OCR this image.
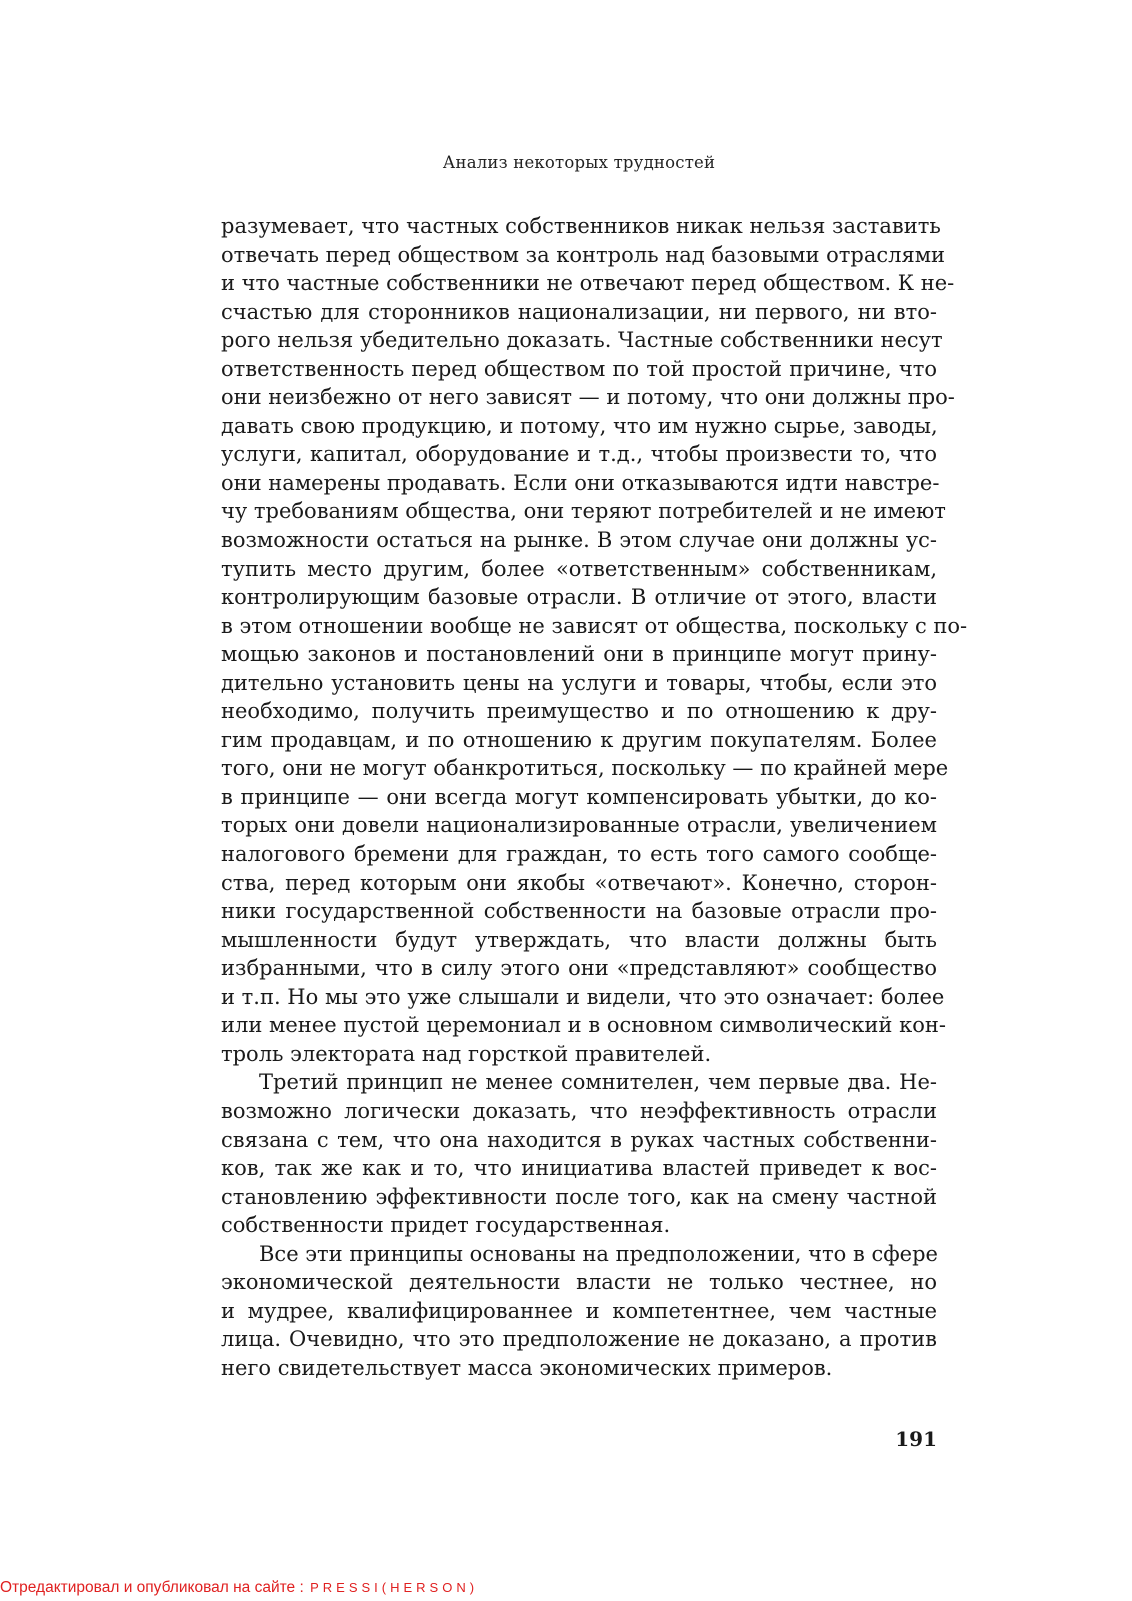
Анализ некоторых трудностей
разумевает, что частных собственников никак нельзя заставить
отвечать перед обществом за контроль над базовыми отраслями
и что частные собственники не отвечают перед обществом. К не-
счастью для сторонников национализации, ни первого, ни вто-
рого нельзя убедительно доказать. Частные собственники несут
ответственность перед обществом по той простой причине, что
они неизбежно от него зависят — и потому, что они должны про-
давать свою продукцию, и потому, что им нужно сырье, заводы,
услуги, капитал, оборудование и т.д., чтобы произвести то, что
они намерены продавать. Если они отказываются идти навстре-
чу требованиям общества, они теряют потребителей и не имеют
возможности остаться на рынке. В этом случае они должны ус-
тупить место другим, более «ответственным» собственникам,
контролирующим базовые отрасли. В отличие от этого, власти
в этом отношении вообще не зависят от общества, поскольку с по-
мощью законов и постановлений они в принципе могут прину-
дительно установить цены на услуги и товары, чтобы, если это
необходимо, получить преимущество и по отношению к дру-
гим продавцам, и по отношению к другим покупателям. Более
того, они не могут обанкротиться, поскольку — по крайней мере
в принципе — они всегда могут компенсировать убытки, до ко-
торых они довели национализированные отрасли, увеличением
налогового бремени для граждан, то есть того самого сообще-
ства, перед которым они якобы «отвечают». Конечно, сторон-
ники государственной собственности на базовые отрасли про-
мышленности будут утверждать, что власти должны быть
избранными, что в силу этого они «представляют» сообщество
и т.п. Но мы это уже слышали и видели, что это означает: более
или менее пустой церемониал и в основном символический кон-
троль электората над горсткой правителей.
Третий принцип не менее сомнителен, чем первые два. Не-
возможно логически доказать, что неэффективность отрасли
связана с тем, что она находится в руках частных собственни-
ков, так же как и то, что инициатива властей приведет к вос-
становлению эффективности после того, как на смену частной
собственности придет государственная.
Все эти принципы основаны на предположении, что в сфере
экономической деятельности власти не только честнее, но
и мудрее, квалифицированнее и компетентнее, чем частные
лица. Очевидно, что это предположение не доказано, а против
него свидетельствует масса экономических примеров.
191
Отредактировал и опубликовал на сайте : PRESSI(HERSON)
